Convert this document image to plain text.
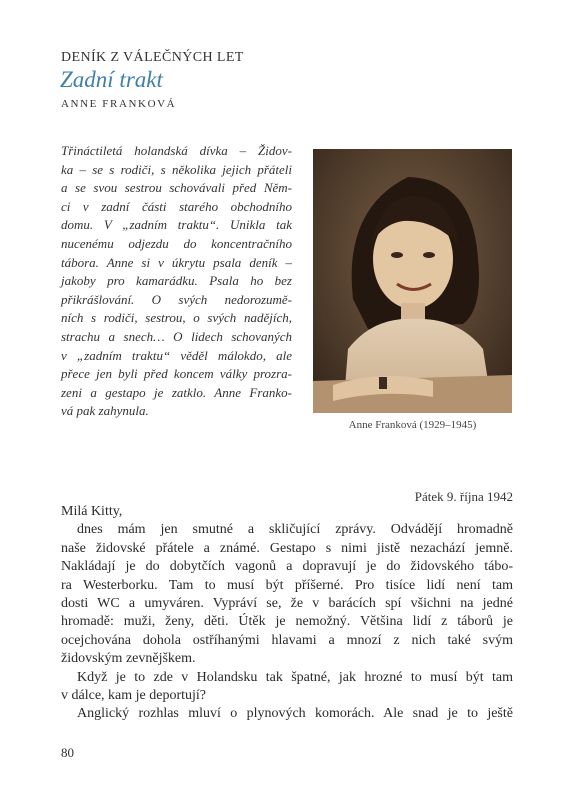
DENÍK Z VÁLEČNÝCH LET
Zadní trakt
ANNE FRANKOVÁ
Třináctiletá holandská dívka – Židov-
ka – se s rodiči, s několika jejich přáteli
a se svou sestrou schovávali před Něm-
ci v zadní části starého obchodního
domu. V „zadním traktu“. Unikla tak
nucenému odjezdu do koncentračního
tábora. Anne si v úkrytu psala deník –
jakoby pro kamarádku. Psala ho bez
přikrášlování. O svých nedorozumě-
ních s rodiči, sestrou, o svých nadějích,
strachu a snech… O lidech schovaných
v „zadním traktu“ věděl málokdo, ale
přece jen byli před koncem války prozra-
zeni a gestapo je zatklo. Anne Franko-
vá pak zahynula.
Anne Franková (1929–1945)
Pátek 9. října 1942
Milá Kitty,
dnes mám jen smutné a skličující zprávy. Odvádějí hromadně
naše židovské přátele a známé. Gestapo s nimi jistě nezachází jemně.
Nakládají je do dobytčích vagonů a dopravují je do židovského tábo-
ra Westerborku. Tam to musí být příšerné. Pro tisíce lidí není tam
dosti WC a umyváren. Vypráví se, že v barácích spí všichni na jedné
hromadě: muži, ženy, děti. Útěk je nemožný. Většina lidí z táborů je
ocejchována dohola ostříhanými hlavami a mnozí z nich také svým
židovským zevnějškem.
Když je to zde v Holandsku tak špatné, jak hrozné to musí být tam
v dálce, kam je deportují?
Anglický rozhlas mluví o plynových komorách. Ale snad je to ještě
80
